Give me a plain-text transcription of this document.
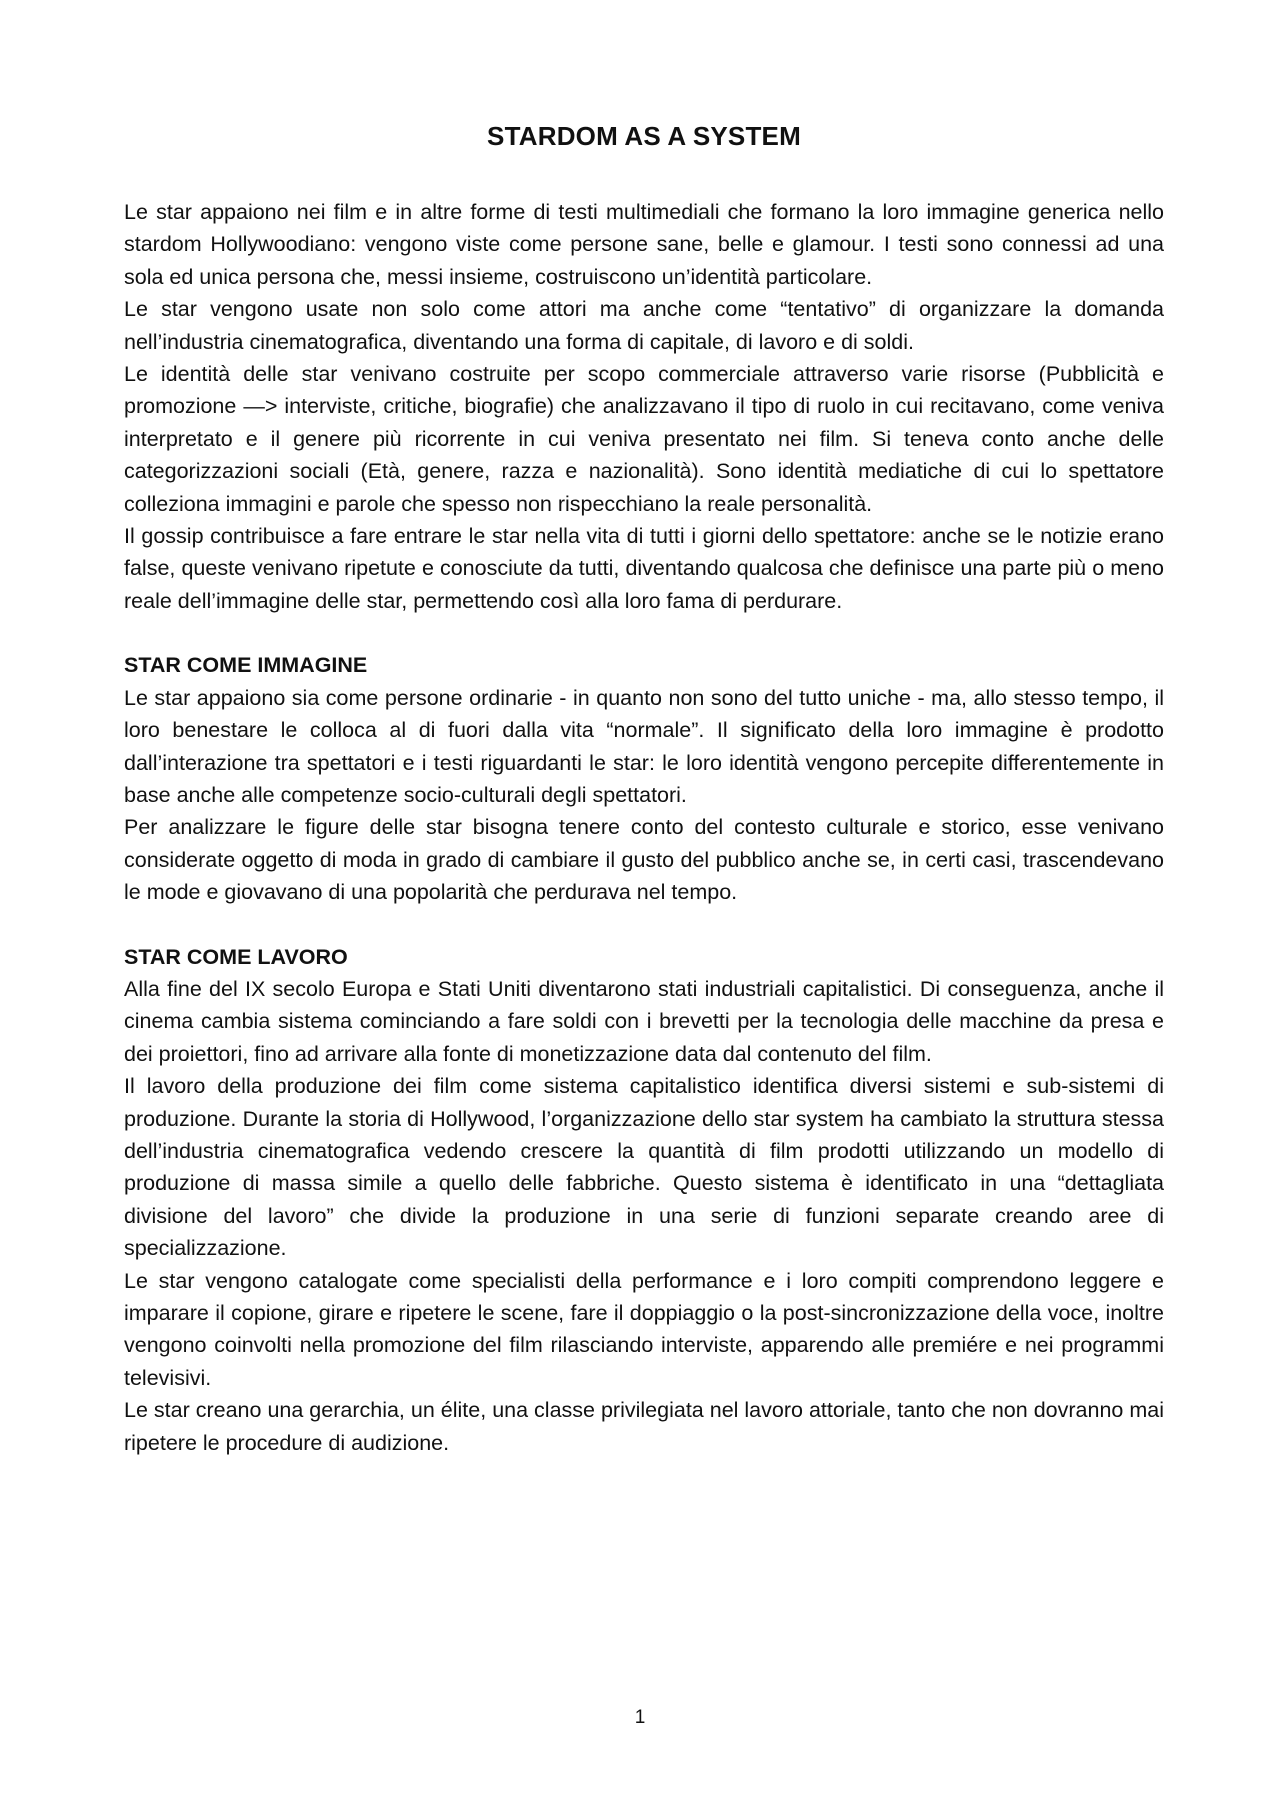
STARDOM AS A SYSTEM

Le star appaiono nei film e in altre forme di testi multimediali che formano la loro immagine generica nello stardom Hollywoodiano: vengono viste come persone sane, belle e glamour. I testi sono connessi ad una sola ed unica persona che, messi insieme, costruiscono un’identità particolare.

Le star vengono usate non solo come attori ma anche come “tentativo” di organizzare la domanda nell’industria cinematografica, diventando una forma di capitale, di lavoro e di soldi.

Le identità delle star venivano costruite per scopo commerciale attraverso varie risorse (Pubblicità e promozione —> interviste, critiche, biografie) che analizzavano il tipo di ruolo in cui recitavano, come veniva interpretato e il genere più ricorrente in cui veniva presentato nei film. Si teneva conto anche delle categorizzazioni sociali (Età, genere, razza e nazionalità). Sono identità mediatiche di cui lo spettatore colleziona immagini e parole che spesso non rispecchiano la reale personalità.

Il gossip contribuisce a fare entrare le star nella vita di tutti i giorni dello spettatore: anche se le notizie erano false, queste venivano ripetute e conosciute da tutti, diventando qualcosa che definisce una parte più o meno reale dell’immagine delle star, permettendo così alla loro fama di perdurare.

STAR COME IMMAGINE

Le star appaiono sia come persone ordinarie - in quanto non sono del tutto uniche - ma, allo stesso tempo, il loro benestare le colloca al di fuori dalla vita “normale”. Il significato della loro immagine è prodotto dall’interazione tra spettatori e i testi riguardanti le star: le loro identità vengono percepite differentemente in base anche alle competenze socio-culturali degli spettatori.

Per analizzare le figure delle star bisogna tenere conto del contesto culturale e storico, esse venivano considerate oggetto di moda in grado di cambiare il gusto del pubblico anche se, in certi casi, trascendevano le mode e giovavano di una popolarità che perdurava nel tempo.

STAR COME LAVORO

Alla fine del IX secolo Europa e Stati Uniti diventarono stati industriali capitalistici. Di conseguenza, anche il cinema cambia sistema cominciando a fare soldi con i brevetti per la tecnologia delle macchine da presa e dei proiettori, fino ad arrivare alla fonte di monetizzazione data dal contenuto del film.

Il lavoro della produzione dei film come sistema capitalistico identifica diversi sistemi e sub-sistemi di produzione. Durante la storia di Hollywood, l’organizzazione dello star system ha cambiato la struttura stessa dell’industria cinematografica vedendo crescere la quantità di film prodotti utilizzando un modello di produzione di massa simile a quello delle fabbriche. Questo sistema è identificato in una “dettagliata divisione del lavoro” che divide la produzione in una serie di funzioni separate creando aree di specializzazione.

Le star vengono catalogate come specialisti della performance e i loro compiti comprendono leggere e imparare il copione, girare e ripetere le scene, fare il doppiaggio o la post-sincronizzazione della voce, inoltre vengono coinvolti nella promozione del film rilasciando interviste, apparendo alle premiére e nei programmi televisivi.

Le star creano una gerarchia, un élite, una classe privilegiata nel lavoro attoriale, tanto che non dovranno mai ripetere le procedure di audizione.

1
